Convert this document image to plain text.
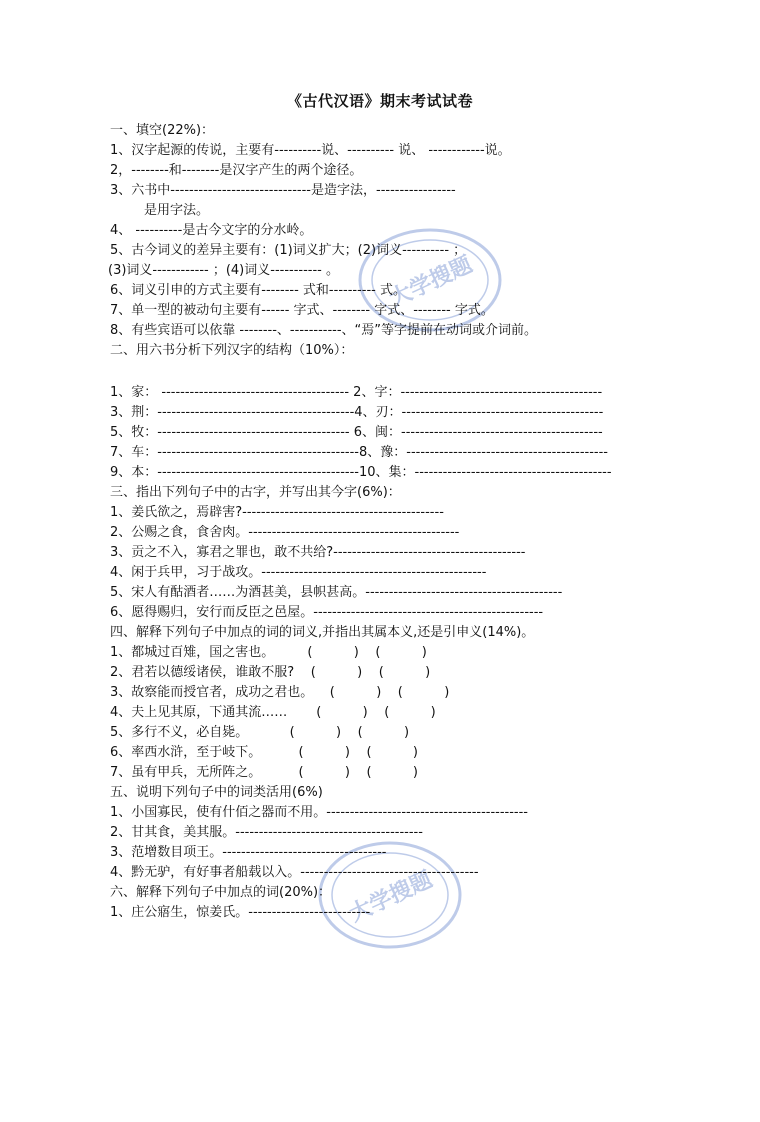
大学搜题
大学搜题
《古代汉语》期末考试试卷
一、填空(22%)：
1、汉字起源的传说，主要有----------说、---------- 说、 ------------说。
2，--------和--------是汉字产生的两个途径。
3、六书中------------------------------是造字法，-----------------
是用字法。
4、 ----------是古今文字的分水岭。
5、古今词义的差异主要有：(1)词义扩大；(2)词义---------- ；
(3)词义------------ ；(4)词义----------- 。
6、词义引申的方式主要有-------- 式和---------- 式。
7、单一型的被动句主要有------ 字式、-------- 字式、-------- 字式。
8、有些宾语可以依靠 --------、-----------、“焉”等字提前在动词或介词前。
二、用六书分析下列汉字的结构（10%）：
1、家： ---------------------------------------- 2、字：-------------------------------------------
3、荆：------------------------------------------4、刃：-------------------------------------------
5、牧：----------------------------------------- 6、闽：-------------------------------------------
7、车：-------------------------------------------8、豫：-------------------------------------------
9、本：-------------------------------------------10、集：------------------------------------------
三、指出下列句子中的古字，并写出其今字(6%)：
1、姜氏欲之，焉辟害?-------------------------------------------
2、公赐之食，食舍肉。---------------------------------------------
3、贡之不入，寡君之罪也，敢不共给?-----------------------------------------
4、闲于兵甲，习于战攻。------------------------------------------------
5、宋人有酤酒者……为酒甚美，县帜甚高。------------------------------------------
6、愿得赐归，安行而反臣之邑屋。-------------------------------------------------
四、解释下列句子中加点的词的词义,并指出其属本义,还是引申义(14%)。
1、都城过百雉，国之害也。        (          )    (          )
2、君若以德绥诸侯，谁敢不服?    (          )    (          )
3、故察能而授官者，成功之君也。    (          )    (          )
4、夫上见其原，下通其流……       (          )    (          )
5、多行不义，必自毙。          (          )    (          )
6、率西水浒，至于岐下。         (          )    (          )
7、虽有甲兵，无所阵之。         (          )    (          )
五、说明下列句子中的词类活用(6%)
1、小国寡民，使有什佰之器而不用。-------------------------------------------
2、甘其食，美其服。----------------------------------------
3、范增数目项王。-----------------------------------
4、黔无驴，有好事者船载以入。--------------------------------------
六、解释下列句子中加点的词(20%)：
1、庄公寤生，惊姜氏。--------------------------
